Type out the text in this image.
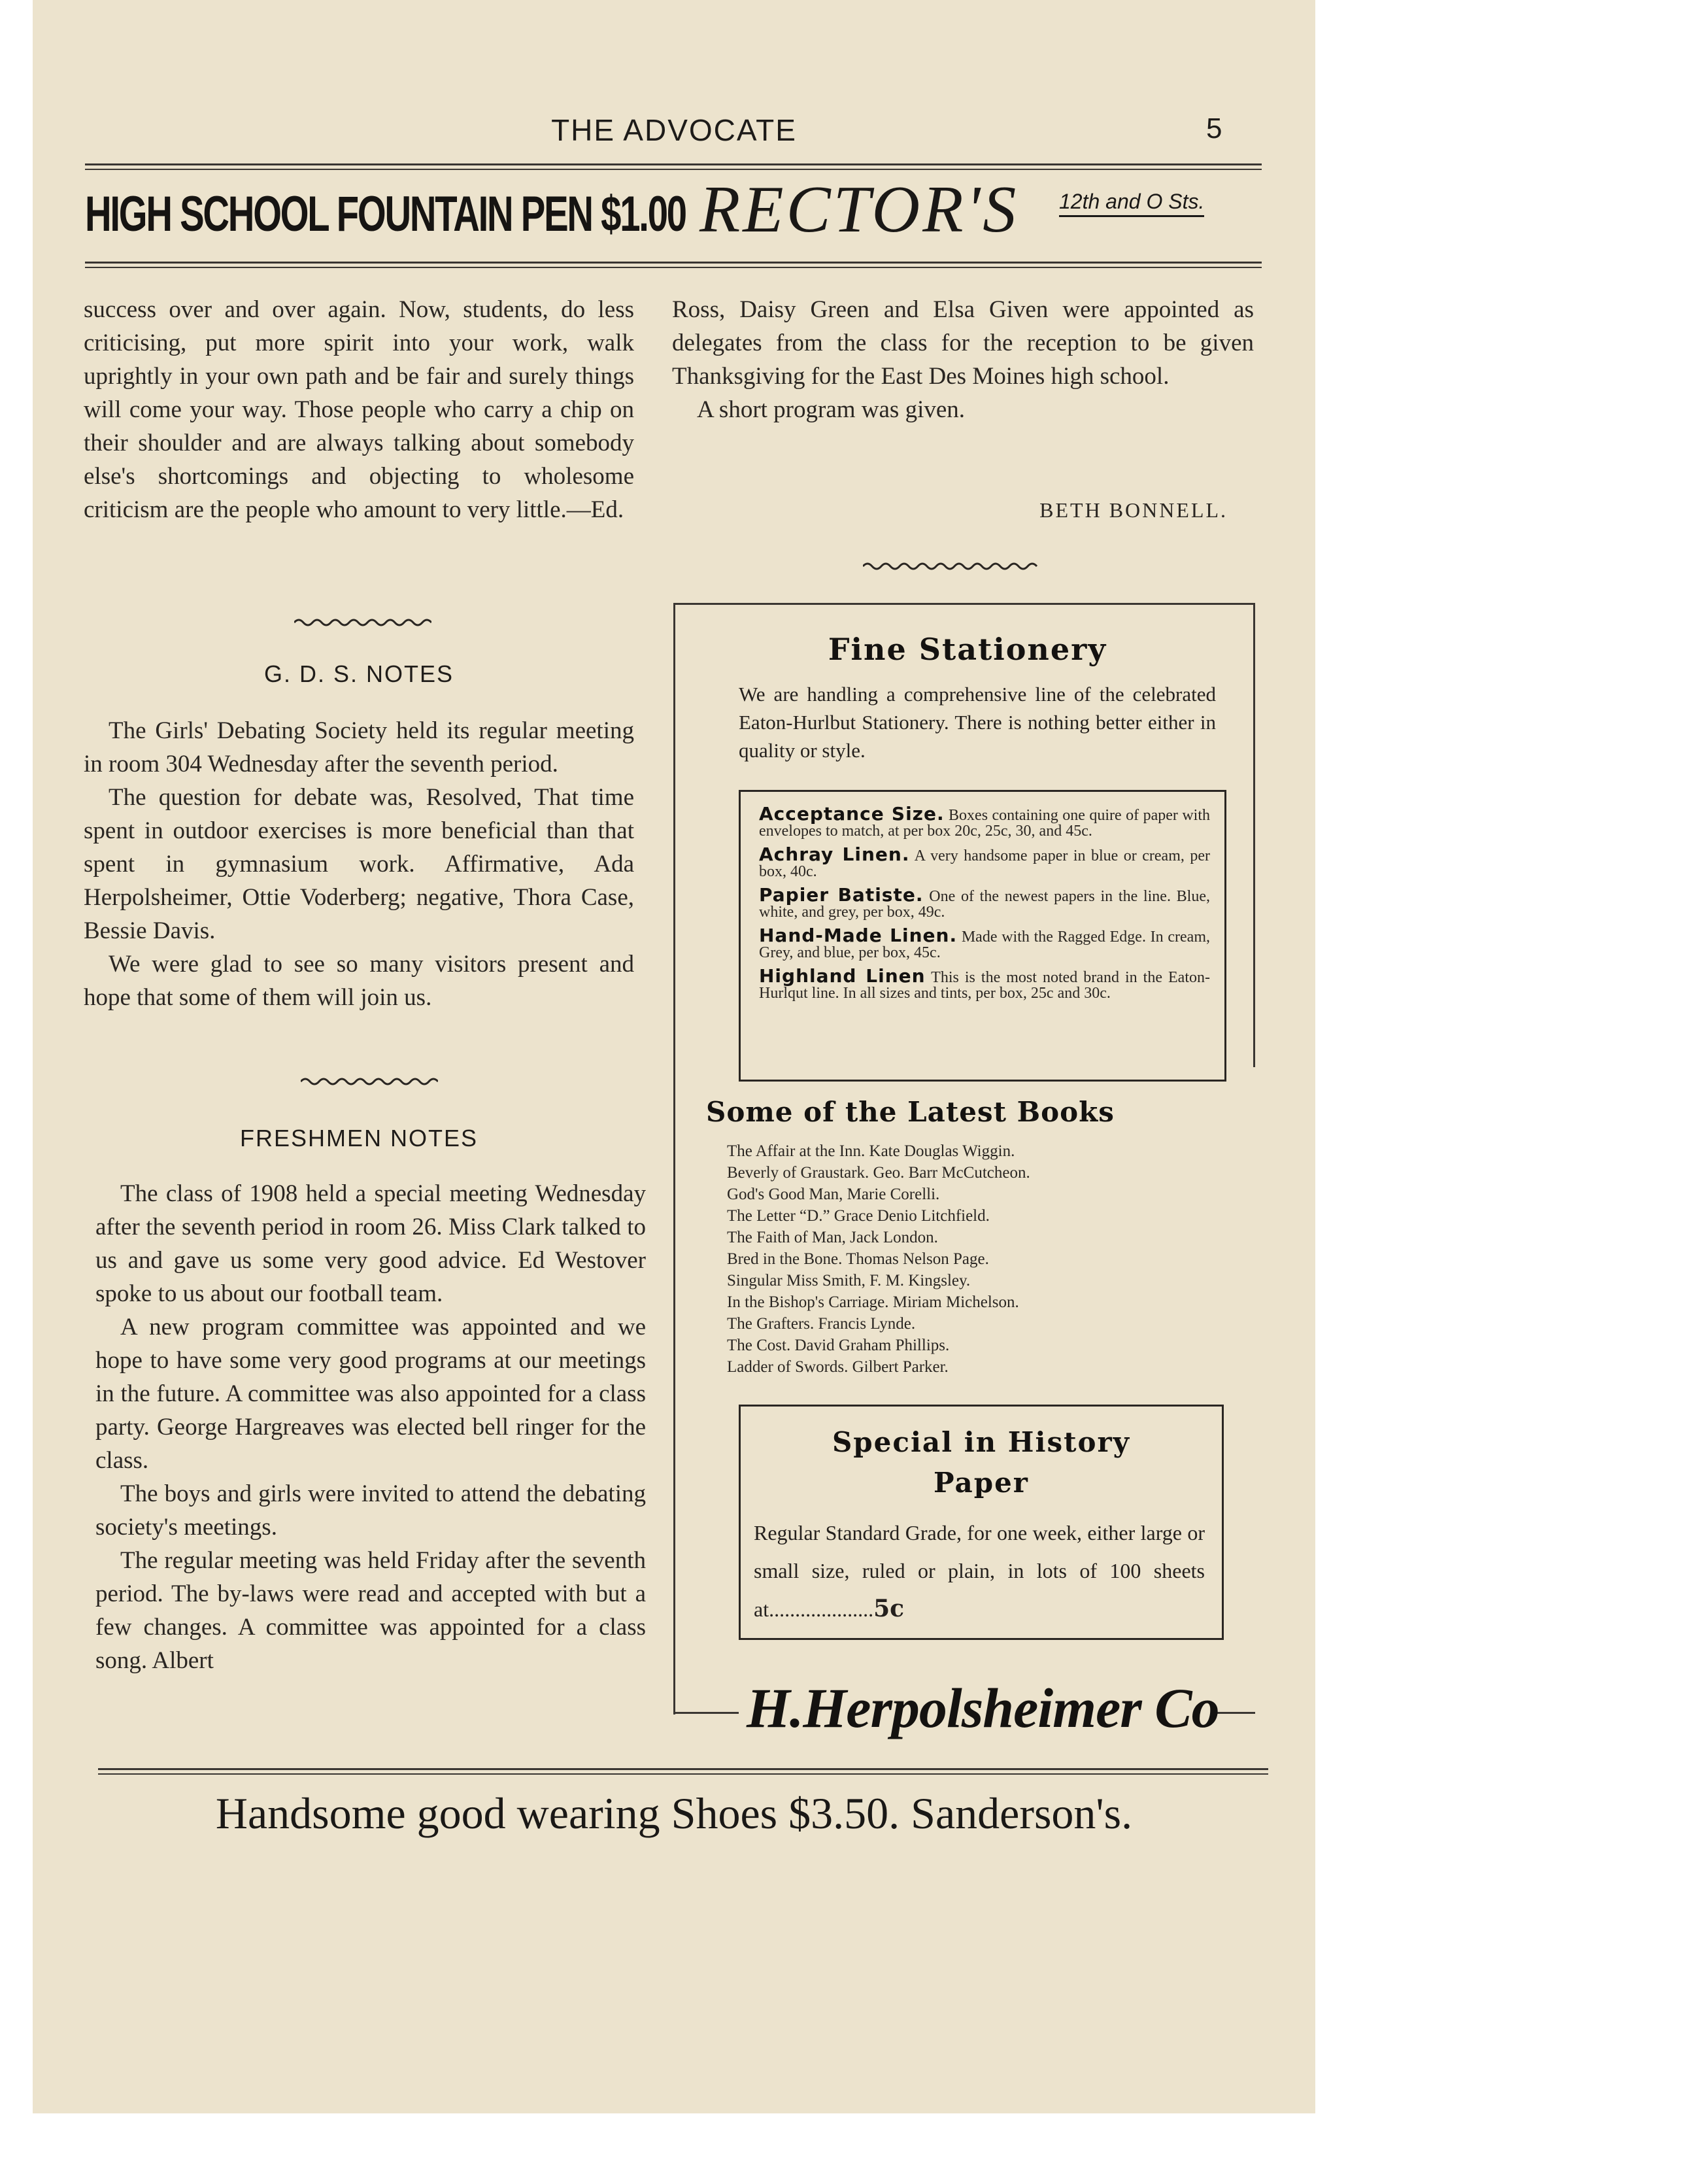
THE ADVOCATE	5
HIGH SCHOOL FOUNTAIN PEN $1.00 RECTOR'S 12th and O Sts.

success over and over again. Now, students, do less criticising, put more spirit into your work, walk uprightly in your own path and be fair and surely things will come your way. Those people who carry a chip on their shoulder and are always talking about somebody else's shortcomings and objecting to wholesome criticism are the people who amount to very little.—Ed.

G. D. S. NOTES

The Girls' Debating Society held its regular meeting in room 304 Wednesday after the seventh period.

The question for debate was, Resolved, That time spent in outdoor exercises is more beneficial than that spent in gymnasium work. Affirmative, Ada Herpolsheimer, Ottie Voderberg; negative, Thora Case, Bessie Davis.

We were glad to see so many visitors present and hope that some of them will join us.

FRESHMEN NOTES

The class of 1908 held a special meeting Wednesday after the seventh period in room 26. Miss Clark talked to us and gave us some very good advice. Ed Westover spoke to us about our football team.

A new program committee was appointed and we hope to have some very good programs at our meetings in the future. A committee was also appointed for a class party. George Hargreaves was elected bell ringer for the class.

The boys and girls were invited to attend the debating society's meetings.

The regular meeting was held Friday after the seventh period. The by-laws were read and accepted with but a few changes. A committee was appointed for a class song. Albert

Ross, Daisy Green and Elsa Given were appointed as delegates from the class for the reception to be given Thanksgiving for the East Des Moines high school.

A short program was given.

BETH BONNELL.
Fine Stationery
We are handling a comprehensive line of the celebrated Eaton-Hurlbut Stationery. There is nothing better either in quality or style.

Acceptance Size. Boxes containing one quire of paper with envelopes to match, at per box 20c, 25c, 30, and 45c.

Achray Linen. A very handsome paper in blue or cream, per box, 40c.

Papier Batiste. One of the newest papers in the line. Blue, white, and grey, per box, 49c.

Hand-Made Linen. Made with the Ragged Edge. In cream, Grey, and blue, per box, 45c.

Highland Linen This is the most noted brand in the Eaton-Hurlqut line. In all sizes and tints, per box, 25c and 30c.

Some of the Latest Books

The Affair at the Inn. Kate Douglas Wiggin.

Beverly of Graustark. Geo. Barr McCutcheon.

God's Good Man, Marie Corelli.

The Letter “D.” Grace Denio Litchfield.

The Faith of Man, Jack London.

Bred in the Bone. Thomas Nelson Page.

Singular Miss Smith, F. M. Kingsley.

In the Bishop's Carriage. Miriam Michelson.

The Grafters. Francis Lynde.

The Cost. David Graham Phillips.

Ladder of Swords. Gilbert Parker.

Special in History
Paper
Regular Standard Grade, for one week, either large or small size, ruled or plain, in lots of 100 sheets at....................5c
H.Herpolsheimer Co
Handsome good wearing Shoes $3.50. Sanderson's.
